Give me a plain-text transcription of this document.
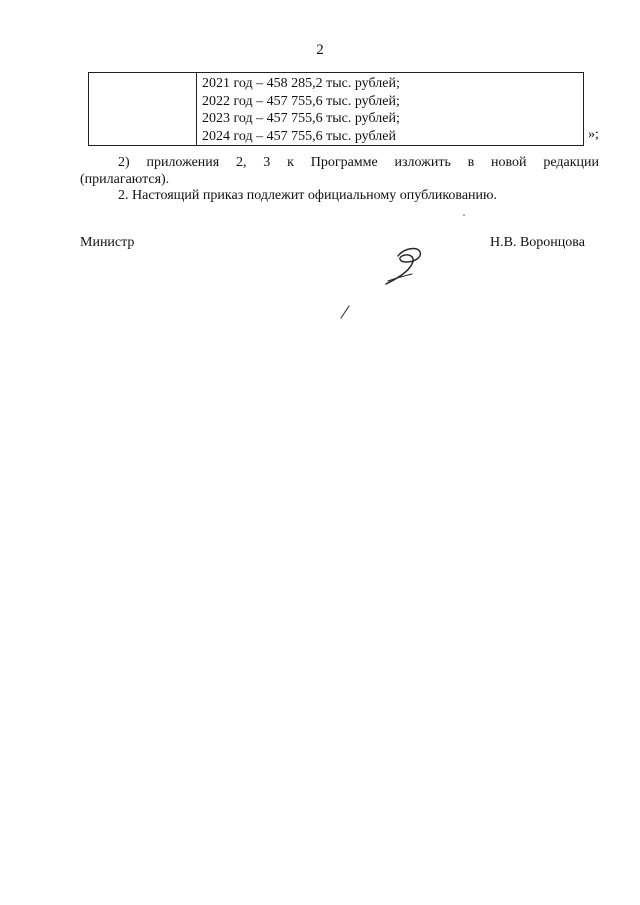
2
2021 год – 458 285,2 тыс. рублей;
2022 год – 457 755,6 тыс. рублей;
2023 год – 457 755,6 тыс. рублей;
2024 год – 457 755,6 тыс. рублей	»;
2) приложения 2, 3 к Программе изложить в новой редакции
(прилагаются).
2. Настоящий приказ подлежит официальному опубликованию.
Министр	Н.В. Воронцова
